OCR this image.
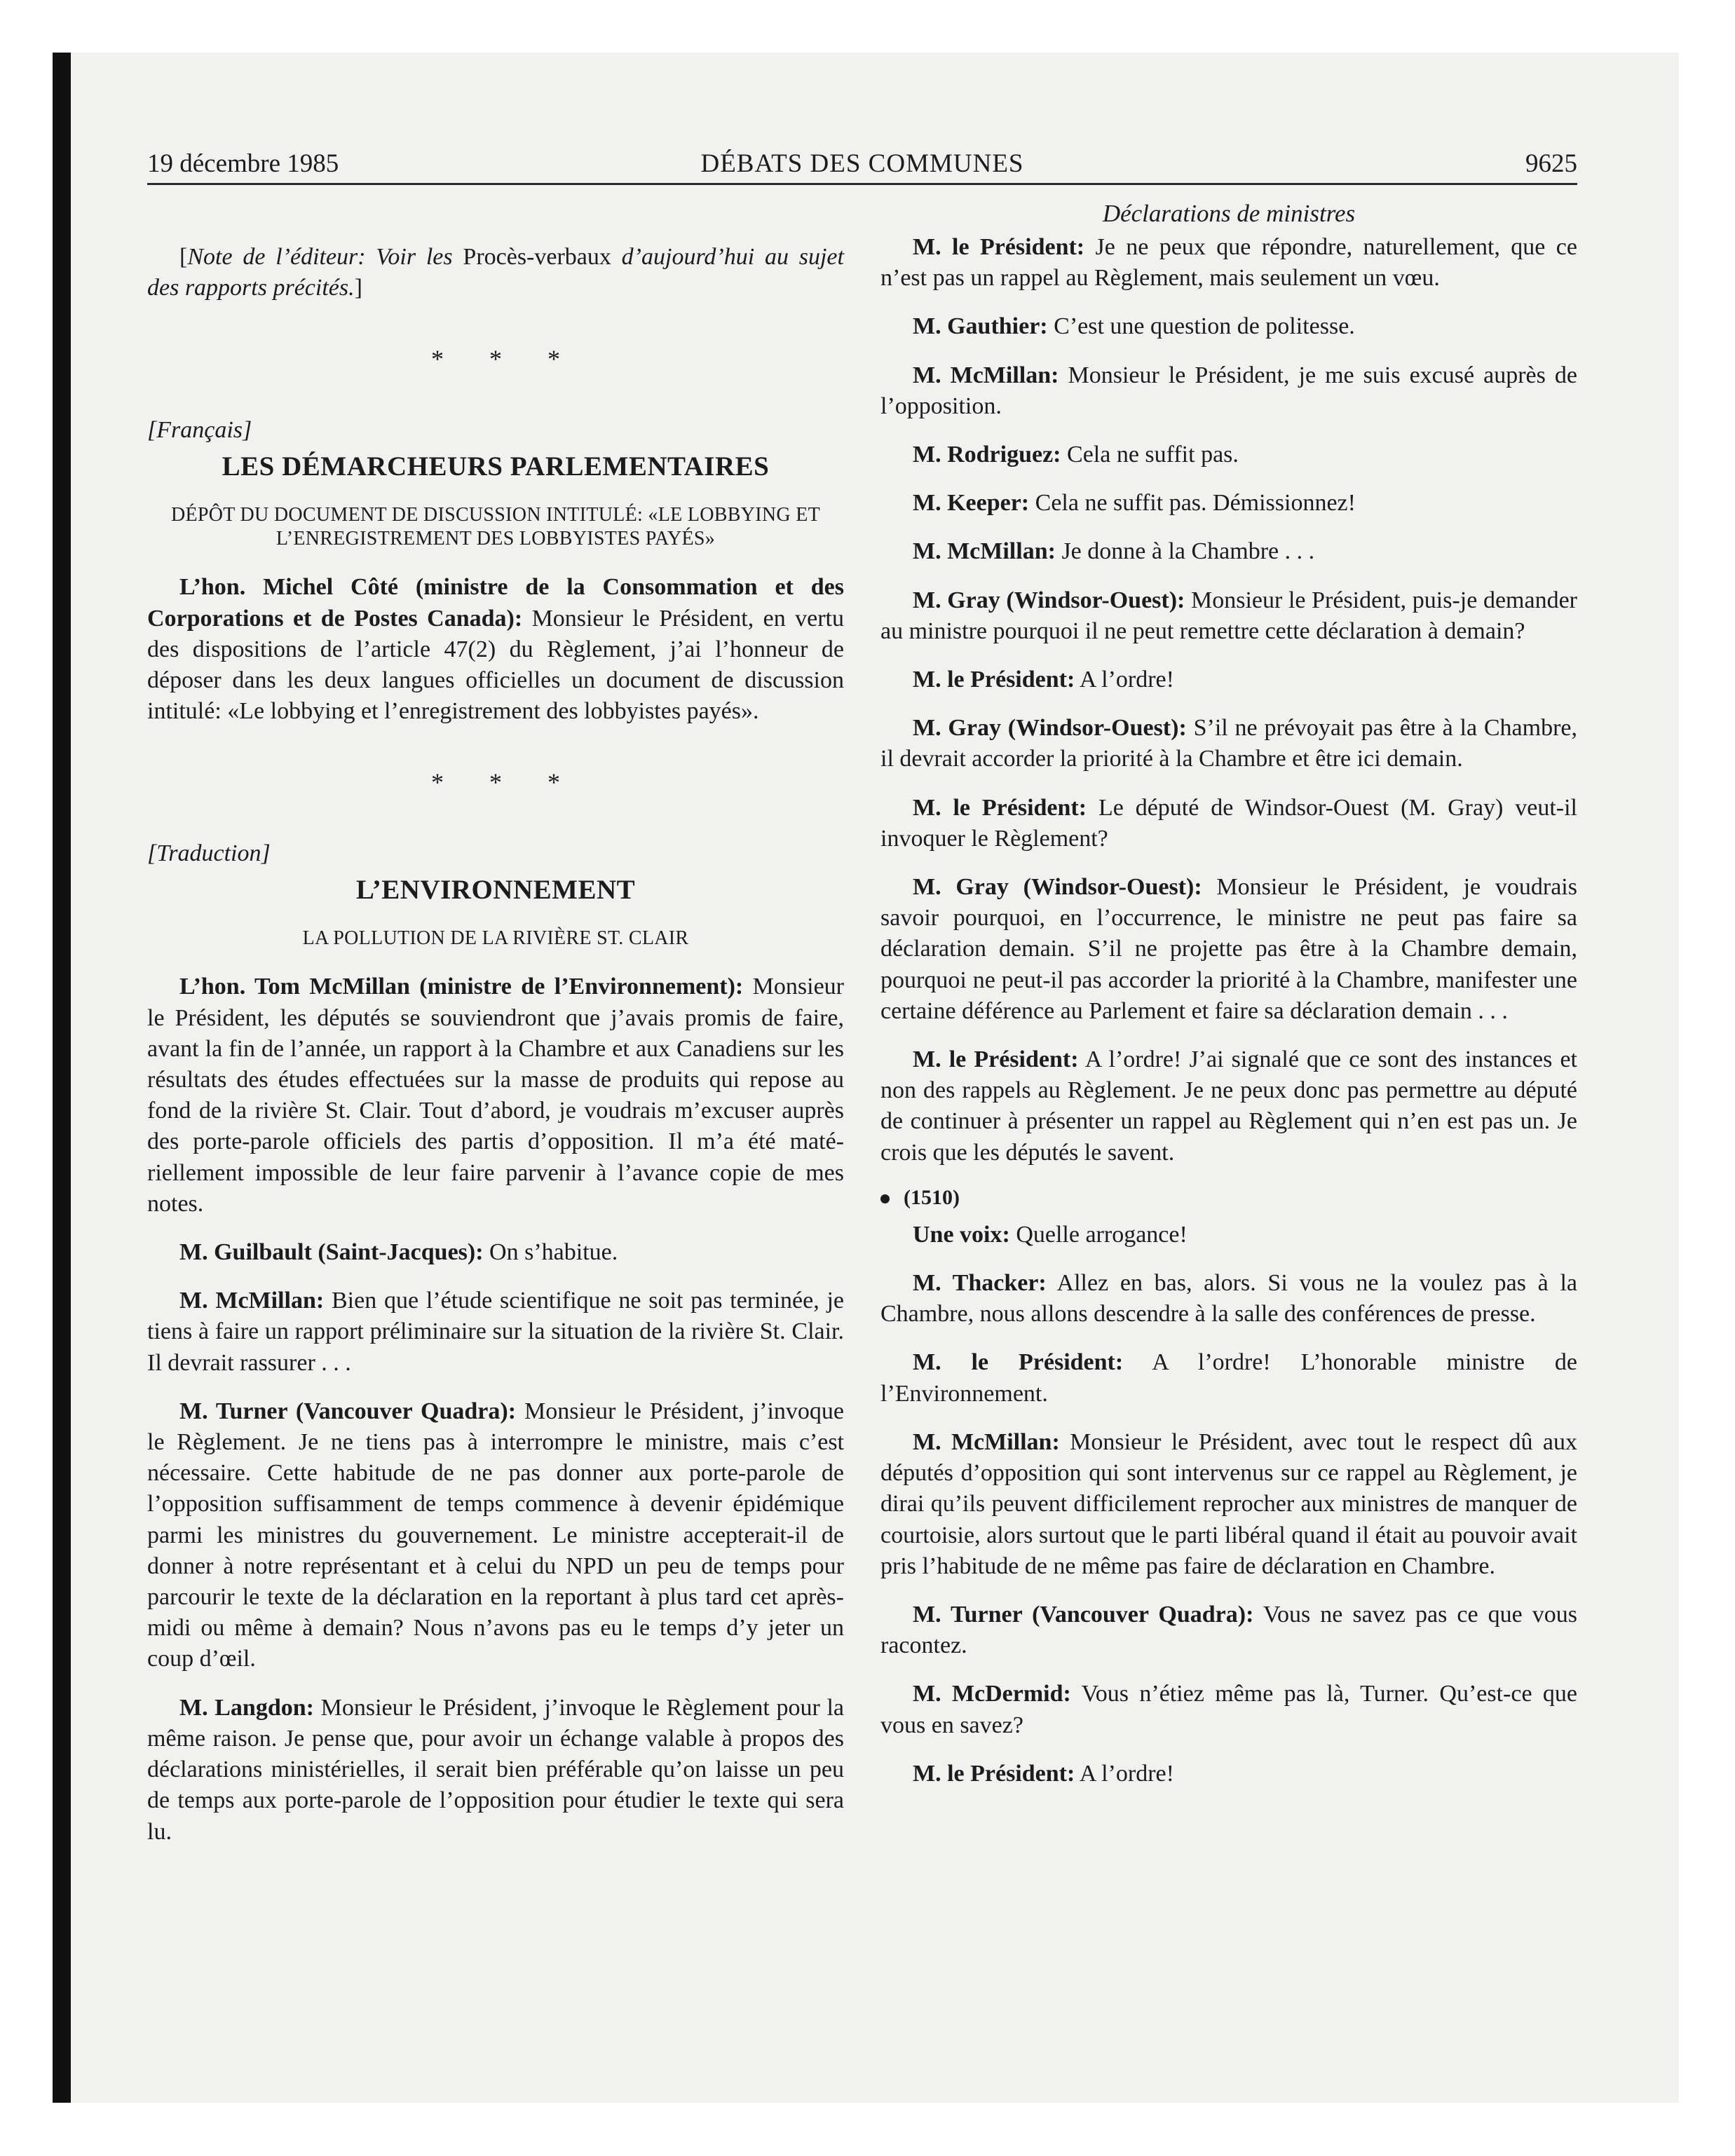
19 décembre 1985	DÉBATS DES COMMUNES	9625

[Note de l’éditeur: Voir les Procès-verbaux d’aujourd’hui au sujet des rapports précités.]

* * *

[Français]

LES DÉMARCHEURS PARLEMENTAIRES

DÉPÔT DU DOCUMENT DE DISCUSSION INTITULÉ: «LE LOBBYING ET L’ENREGISTREMENT DES LOBBYISTES PAYÉS»

L’hon. Michel Côté (ministre de la Consommation et des Corporations et de Postes Canada): Monsieur le Président, en vertu des dispositions de l’article 47(2) du Règlement, j’ai l’honneur de déposer dans les deux langues officielles un document de discussion intitulé: «Le lobbying et l’enregistrement des lobbyistes payés».

* * *

[Traduction]

L’ENVIRONNEMENT

LA POLLUTION DE LA RIVIÈRE ST. CLAIR

L’hon. Tom McMillan (ministre de l’Environnement): Monsieur le Président, les députés se souviendront que j’avais promis de faire, avant la fin de l’année, un rapport à la Chambre et aux Canadiens sur les résultats des études effectuées sur la masse de produits qui repose au fond de la rivière St. Clair. Tout d’abord, je voudrais m’excuser auprès des porte-parole officiels des partis d’opposition. Il m’a été matériellement impossible de leur faire parvenir à l’avance copie de mes notes.

M. Guilbault (Saint-Jacques): On s’habitue.

M. McMillan: Bien que l’étude scientifique ne soit pas terminée, je tiens à faire un rapport préliminaire sur la situation de la rivière St. Clair. Il devrait rassurer . . .

M. Turner (Vancouver Quadra): Monsieur le Président, j’invoque le Règlement. Je ne tiens pas à interrompre le ministre, mais c’est nécessaire. Cette habitude de ne pas donner aux porte-parole de l’opposition suffisamment de temps commence à devenir épidémique parmi les ministres du gouvernement. Le ministre accepterait-il de donner à notre représentant et à celui du NPD un peu de temps pour parcourir le texte de la déclaration en la reportant à plus tard cet après-midi ou même à demain? Nous n’avons pas eu le temps d’y jeter un coup d’œil.

M. Langdon: Monsieur le Président, j’invoque le Règlement pour la même raison. Je pense que, pour avoir un échange valable à propos des déclarations ministérielles, il serait bien préférable qu’on laisse un peu de temps aux porte-parole de l’opposition pour étudier le texte qui sera lu.

Déclarations de ministres

M. le Président: Je ne peux que répondre, naturellement, que ce n’est pas un rappel au Règlement, mais seulement un vœu.

M. Gauthier: C’est une question de politesse.

M. McMillan: Monsieur le Président, je me suis excusé auprès de l’opposition.

M. Rodriguez: Cela ne suffit pas.

M. Keeper: Cela ne suffit pas. Démissionnez!

M. McMillan: Je donne à la Chambre . . .

M. Gray (Windsor-Ouest): Monsieur le Président, puis-je demander au ministre pourquoi il ne peut remettre cette déclaration à demain?

M. le Président: A l’ordre!

M. Gray (Windsor-Ouest): S’il ne prévoyait pas être à la Chambre, il devrait accorder la priorité à la Chambre et être ici demain.

M. le Président: Le député de Windsor-Ouest (M. Gray) veut-il invoquer le Règlement?

M. Gray (Windsor-Ouest): Monsieur le Président, je voudrais savoir pourquoi, en l’occurrence, le ministre ne peut pas faire sa déclaration demain. S’il ne projette pas être à la Chambre demain, pourquoi ne peut-il pas accorder la priorité à la Chambre, manifester une certaine déférence au Parlement et faire sa déclaration demain . . .

M. le Président: A l’ordre! J’ai signalé que ce sont des instances et non des rappels au Règlement. Je ne peux donc pas permettre au député de continuer à présenter un rappel au Règlement qui n’en est pas un. Je crois que les députés le savent.

(1510)

Une voix: Quelle arrogance!

M. Thacker: Allez en bas, alors. Si vous ne la voulez pas à la Chambre, nous allons descendre à la salle des conférences de presse.

M. le Président: A l’ordre! L’honorable ministre de l’Environnement.

M. McMillan: Monsieur le Président, avec tout le respect dû aux députés d’opposition qui sont intervenus sur ce rappel au Règlement, je dirai qu’ils peuvent difficilement reprocher aux ministres de manquer de courtoisie, alors surtout que le parti libéral quand il était au pouvoir avait pris l’habitude de ne même pas faire de déclaration en Chambre.

M. Turner (Vancouver Quadra): Vous ne savez pas ce que vous racontez.

M. McDermid: Vous n’étiez même pas là, Turner. Qu’est-ce que vous en savez?

M. le Président: A l’ordre!
